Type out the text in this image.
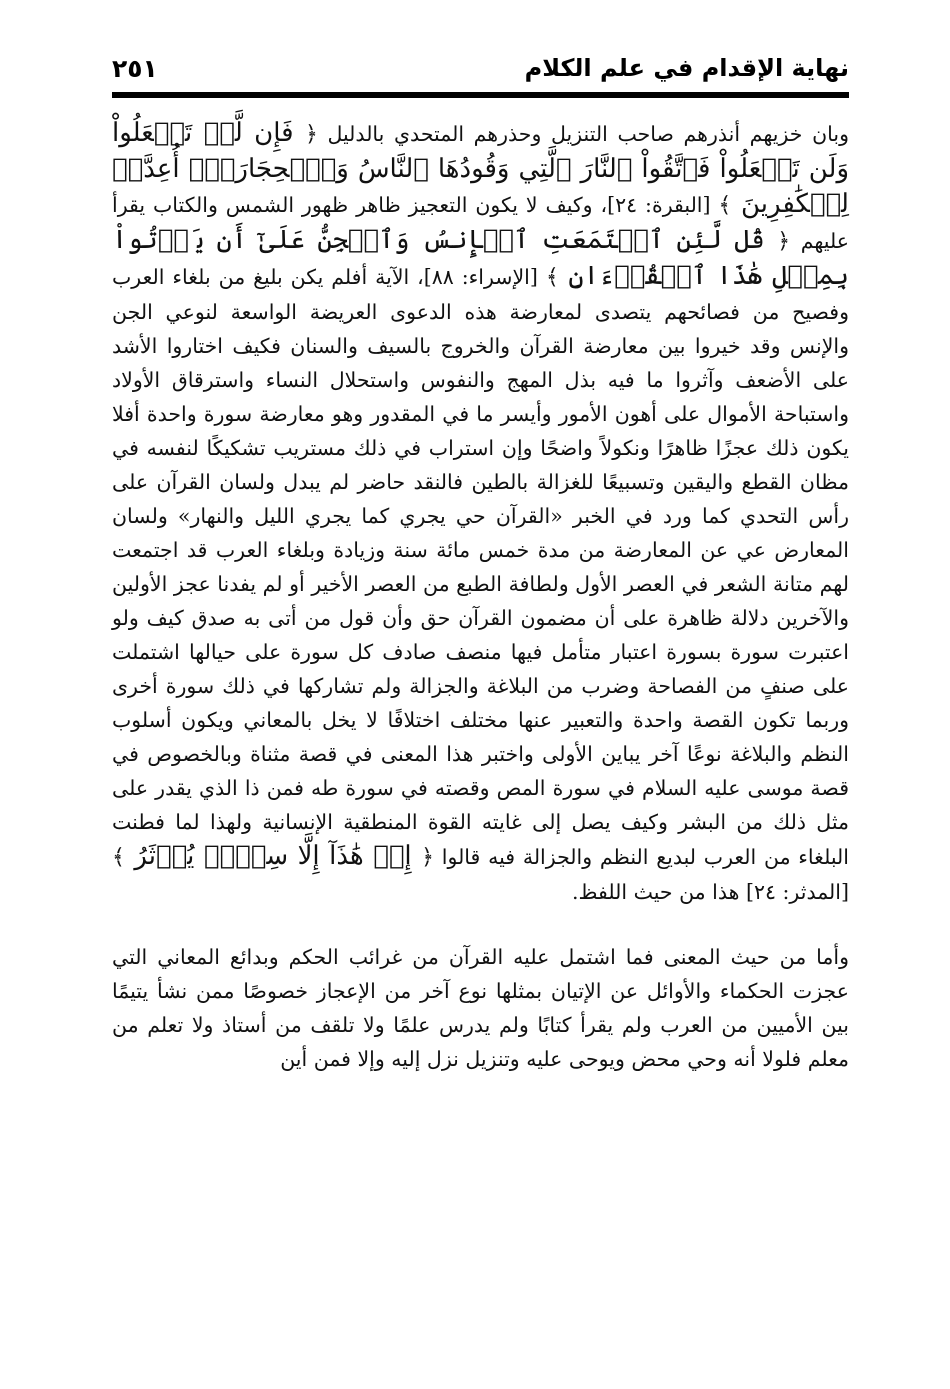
نهاية الإقدام في علم الكلام
٢٥١

وبان خزيهم أنذرهم صاحب التنزيل وحذرهم المتحدي بالدليل ﴿ فَإِن لَّمۡ تَفۡعَلُواْ وَلَن تَفۡعَلُواْ فَٱتَّقُواْ ٱلنَّارَ ٱلَّتِي وَقُودُهَا ٱلنَّاسُ وَٱلۡحِجَارَةُۖ أُعِدَّتۡ لِلۡكَٰفِرِينَ ﴾ [البقرة: ٢٤]، وكيف لا يكون التعجيز ظاهر ظهور الشمس والكتاب يقرأ عليهم ﴿ قُل لَّئِنِ ٱجۡتَمَعَتِ ٱلۡإِنسُ وَٱلۡجِنُّ عَلَىٰٓ أَن يَأۡتُواْ بِمِثۡلِ هَٰذَا ٱلۡقُرۡءَانِ ﴾ [الإسراء: ٨٨]، الآية أفلم يكن بليغ من بلغاء العرب وفصيح من فصائحهم يتصدى لمعارضة هذه الدعوى العريضة الواسعة لنوعي الجن والإنس وقد خيروا بين معارضة القرآن والخروج بالسيف والسنان فكيف اختاروا الأشد على الأضعف وآثروا ما فيه بذل المهج والنفوس واستحلال النساء واسترقاق الأولاد واستباحة الأموال على أهون الأمور وأيسر ما في المقدور وهو معارضة سورة واحدة أفلا يكون ذلك عجزًا ظاهرًا ونكولاً واضحًا وإن استراب في ذلك مستريب تشكيكًا لنفسه في مظان القطع واليقين وتسبيعًا للغزالة بالطين فالنقد حاضر لم يبدل ولسان القرآن على رأس التحدي كما ورد في الخبر «القرآن حي يجري كما يجري الليل والنهار» ولسان المعارض عي عن المعارضة من مدة خمس مائة سنة وزيادة وبلغاء العرب قد اجتمعت لهم متانة الشعر في العصر الأول ولطافة الطبع من العصر الأخير أو لم يفدنا عجز الأولين والآخرين دلالة ظاهرة على أن مضمون القرآن حق وأن قول من أتى به صدق كيف ولو اعتبرت سورة بسورة اعتبار متأمل فيها منصف صادف كل سورة على حيالها اشتملت على صنفٍ من الفصاحة وضرب من البلاغة والجزالة ولم تشاركها في ذلك سورة أخرى وربما تكون القصة واحدة والتعبير عنها مختلف اختلافًا لا يخل بالمعاني ويكون أسلوب النظم والبلاغة نوعًا آخر يباين الأولى واختبر هذا المعنى في قصة مثناة وبالخصوص في قصة موسى عليه السلام في سورة المص وقصته في سورة طه فمن ذا الذي يقدر على مثل ذلك من البشر وكيف يصل إلى غايته القوة المنطقية الإنسانية ولهذا لما فطنت البلغاء من العرب لبديع النظم والجزالة فيه قالوا ﴿ إِنۡ هَٰذَآ إِلَّا سِحۡرٞ يُؤۡثَرُ ﴾ [المدثر: ٢٤] هذا من حيث اللفظ.

وأما من حيث المعنى فما اشتمل عليه القرآن من غرائب الحكم وبدائع المعاني التي عجزت الحكماء والأوائل عن الإتيان بمثلها نوع آخر من الإعجاز خصوصًا ممن نشأ يتيمًا بين الأميين من العرب ولم يقرأ كتابًا ولم يدرس علمًا ولا تلقف من أستاذ ولا تعلم من معلم فلولا أنه وحي محض ويوحى عليه وتنزيل نزل إليه وإلا فمن أين
